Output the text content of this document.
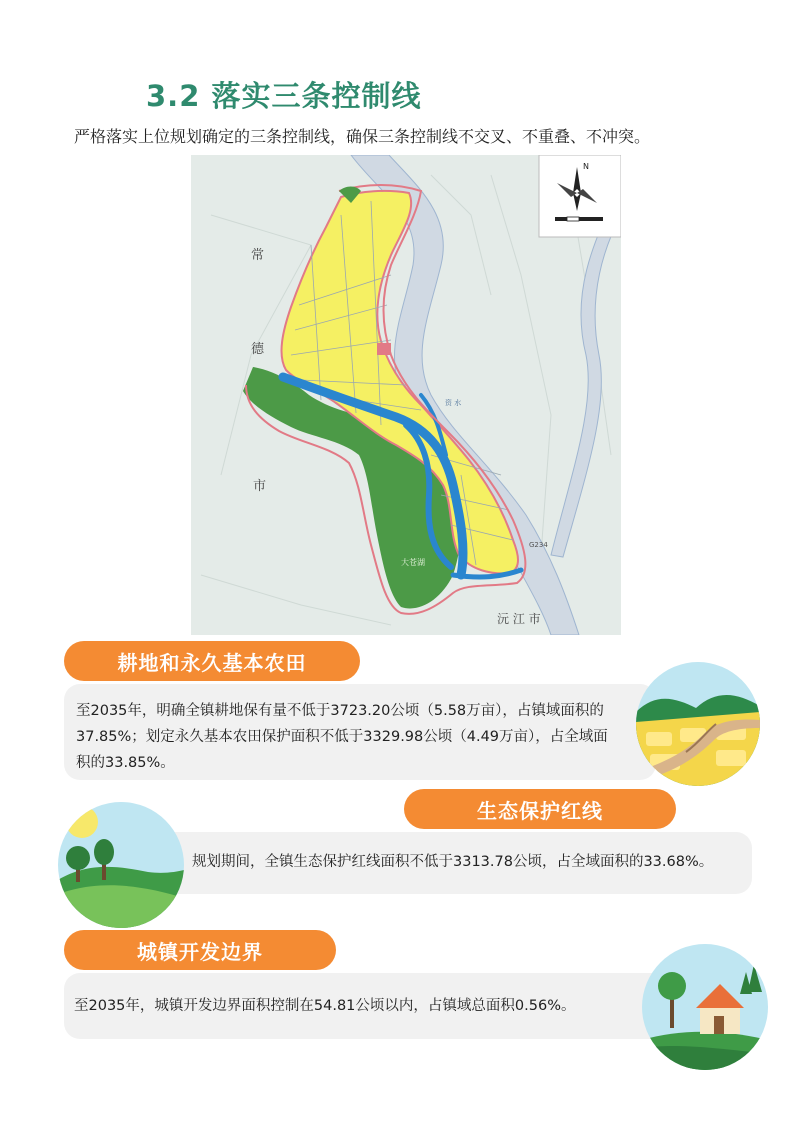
3.2 落实三条控制线
严格落实上位规划确定的三条控制线，确保三条控制线不交叉、不重叠、不冲突。
N
常
德
市
沅 江 市
大苍湖
G234
资 水

至2035年，明确全镇耕地保有量不低于3723.20公顷（5.58万亩），占镇域面积的37.85%；划定永久基本农田保护面积不低于3329.98公顷（4.49万亩），占全域面积的33.85%。

耕地和永久基本农田

规划期间，全镇生态保护红线面积不低于3313.78公顷，占全域面积的33.68%。

生态保护红线

至2035年，城镇开发边界面积控制在54.81公顷以内，占镇域总面积0.56%。

城镇开发边界
